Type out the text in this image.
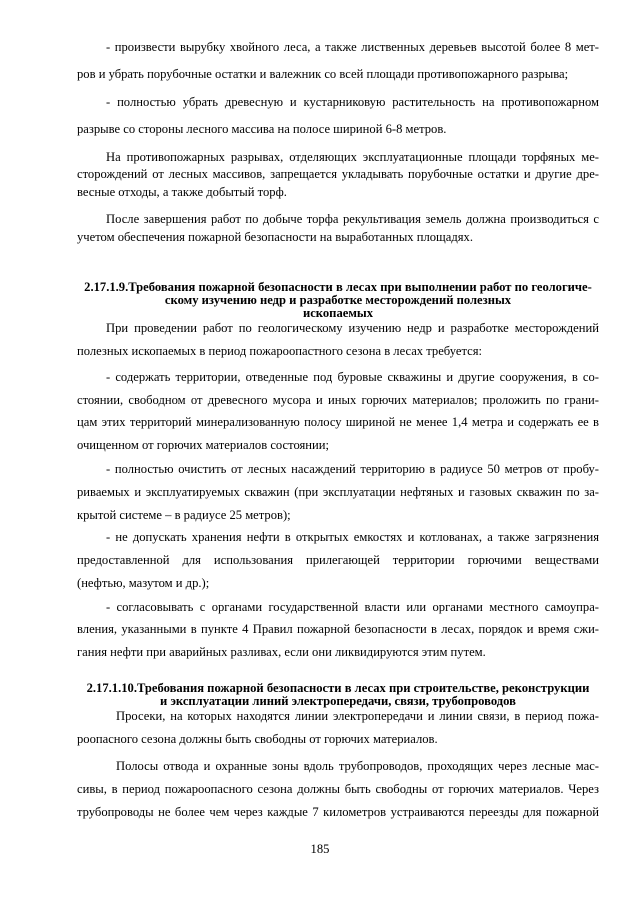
- произвести вырубку хвойного леса, а также лиственных деревьев высотой более 8 мет-
ров и убрать порубочные остатки и валежник со всей площади противопожарного разрыва;
- полностью убрать древесную и кустарниковую растительность на противопожарном
разрыве со стороны лесного массива на полосе шириной 6-8 метров.
На противопожарных разрывах, отделяющих эксплуатационные площади торфяных ме-
сторождений от лесных массивов, запрещается укладывать порубочные остатки и другие дре-
весные отходы, а также добытый торф.
После завершения работ по добыче торфа рекультивация земель должна производиться с
учетом обеспечения пожарной безопасности на выработанных площадях.
2.17.1.9.Требования пожарной безопасности в лесах при выполнении работ по геологиче-
скому изучению недр и разработке месторождений полезных
ископаемых
При проведении работ по геологическому изучению недр и разработке месторождений
полезных ископаемых в период пожароопастного сезона в лесах требуется:
- содержать территории, отведенные под буровые скважины и другие сооружения, в со-
стоянии, свободном от древесного мусора и иных горючих материалов; проложить по грани-
цам этих территорий минерализованную полосу шириной не менее 1,4 метра и содержать ее в
очищенном от горючих материалов состоянии;
- полностью очистить от лесных насаждений территорию в радиусе 50 метров от пробу-
риваемых и эксплуатируемых скважин (при эксплуатации нефтяных и газовых скважин по за-
крытой системе – в радиусе 25 метров);
- не допускать хранения нефти в открытых емкостях и котлованах, а также загрязнения
предоставленной для использования прилегающей территории горючими веществами
(нефтью, мазутом и др.);
- согласовывать с органами государственной власти или органами местного самоупра-
вления, указанными в пункте 4 Правил пожарной безопасности в лесах, порядок и время сжи-
гания нефти при аварийных разливах, если они ликвидируются этим путем.
2.17.1.10.Требования пожарной безопасности в лесах при строительстве, реконструкции
и эксплуатации линий электропередачи, связи, трубопроводов
Просеки, на которых находятся линии электропередачи и линии связи, в период пожа-
роопасного сезона должны быть свободны от горючих материалов.
Полосы отвода и охранные зоны вдоль трубопроводов, проходящих через лесные мас-
сивы, в период пожароопасного сезона должны быть свободны от горючих материалов. Через
трубопроводы не более чем через каждые 7 километров устраиваются переезды для пожарной
185
